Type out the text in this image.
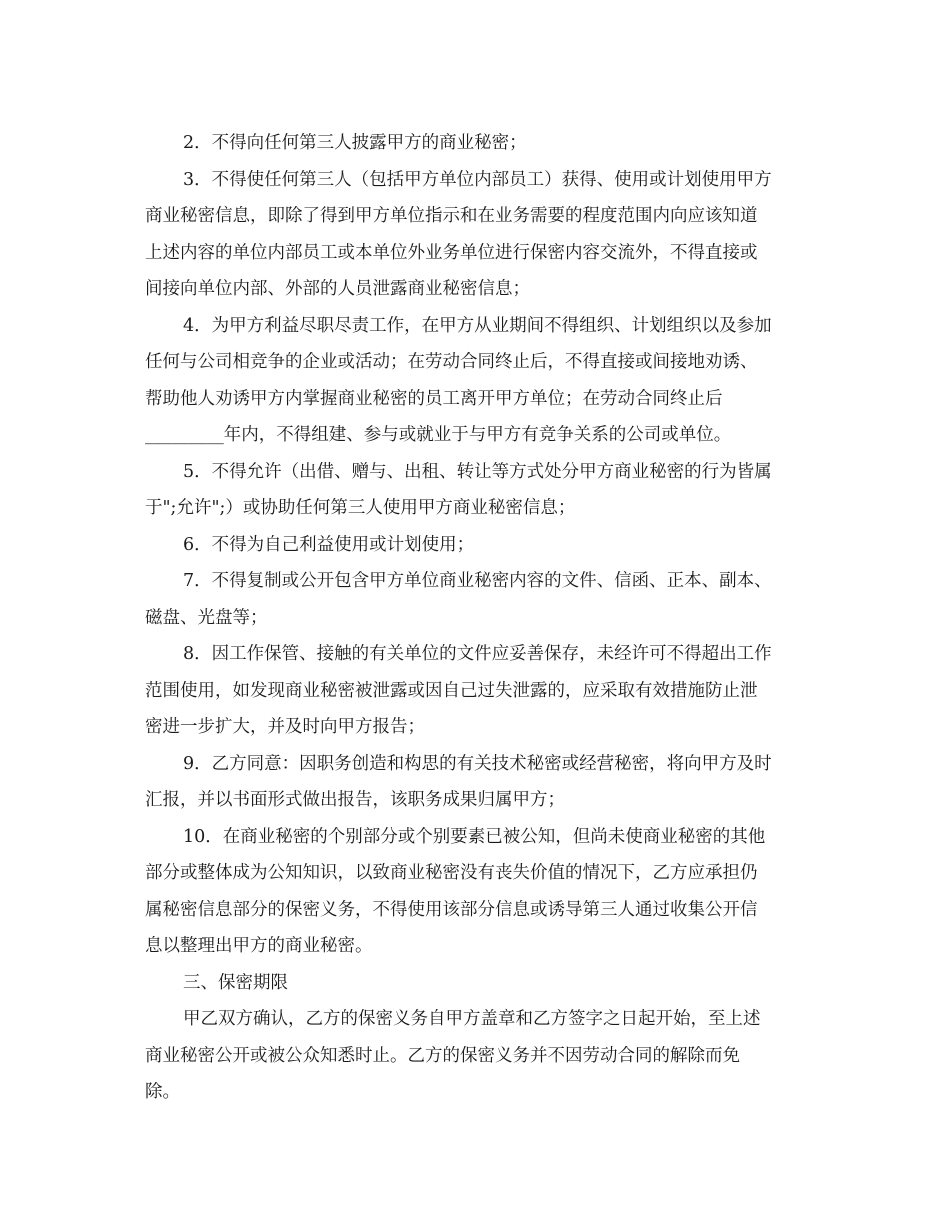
2．不得向任何第三人披露甲方的商业秘密；
3．不得使任何第三人（包括甲方单位内部员工）获得、使用或计划使用甲方
商业秘密信息，即除了得到甲方单位指示和在业务需要的程度范围内向应该知道
上述内容的单位内部员工或本单位外业务单位进行保密内容交流外，不得直接或
间接向单位内部、外部的人员泄露商业秘密信息；
4．为甲方利益尽职尽责工作，在甲方从业期间不得组织、计划组织以及参加
任何与公司相竞争的企业或活动；在劳动合同终止后，不得直接或间接地劝诱、
帮助他人劝诱甲方内掌握商业秘密的员工离开甲方单位；在劳动合同终止后
_________年内，不得组建、参与或就业于与甲方有竞争关系的公司或单位。
5．不得允许（出借、赠与、出租、转让等方式处分甲方商业秘密的行为皆属
于";允许";）或协助任何第三人使用甲方商业秘密信息；
6．不得为自己利益使用或计划使用；
7．不得复制或公开包含甲方单位商业秘密内容的文件、信函、正本、副本、
磁盘、光盘等；
8．因工作保管、接触的有关单位的文件应妥善保存，未经许可不得超出工作
范围使用，如发现商业秘密被泄露或因自己过失泄露的，应采取有效措施防止泄
密进一步扩大，并及时向甲方报告；
9．乙方同意：因职务创造和构思的有关技术秘密或经营秘密，将向甲方及时
汇报，并以书面形式做出报告，该职务成果归属甲方；
10．在商业秘密的个别部分或个别要素已被公知，但尚未使商业秘密的其他
部分或整体成为公知知识，以致商业秘密没有丧失价值的情况下，乙方应承担仍
属秘密信息部分的保密义务，不得使用该部分信息或诱导第三人通过收集公开信
息以整理出甲方的商业秘密。
三、保密期限
甲乙双方确认，乙方的保密义务自甲方盖章和乙方签字之日起开始，至上述
商业秘密公开或被公众知悉时止。乙方的保密义务并不因劳动合同的解除而免
除。
